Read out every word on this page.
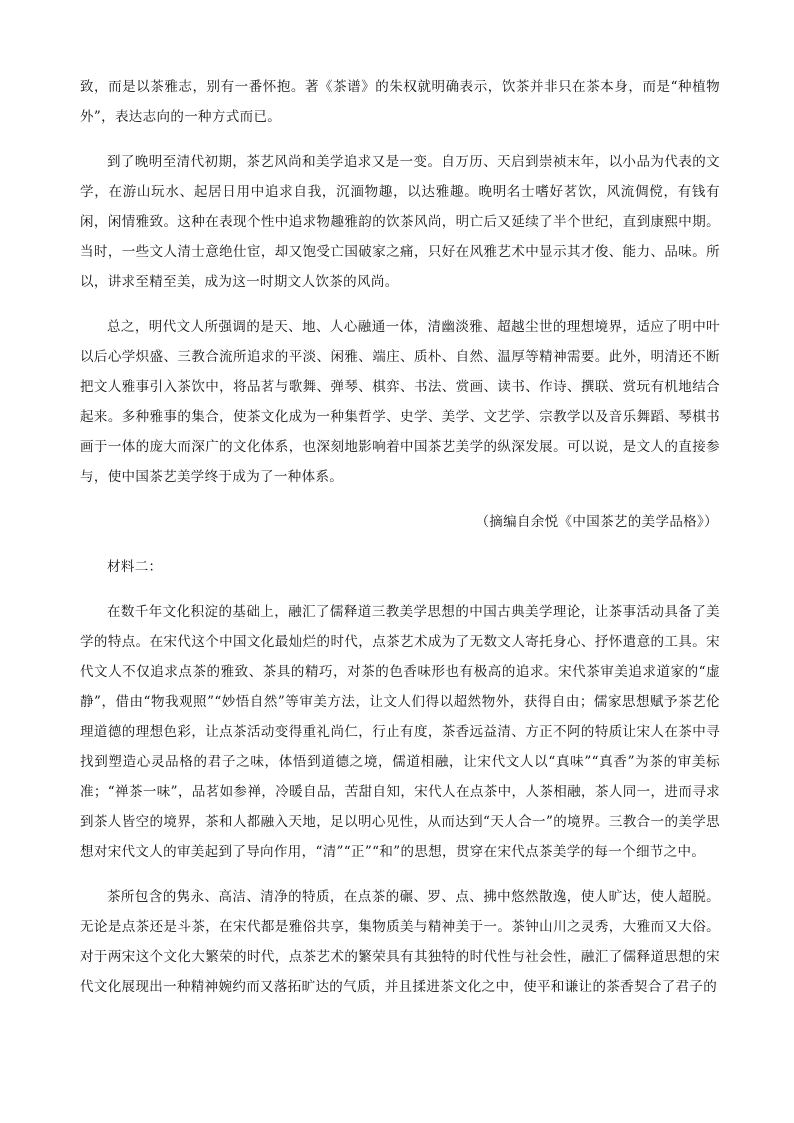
致，而是以茶雅志，别有一番怀抱。著《茶谱》的朱权就明确表示，饮茶并非只在茶本身，而是“种植物外”，表达志向的一种方式而已。

到了晚明至清代初期，茶艺风尚和美学追求又是一变。自万历、天启到崇祯末年，以小品为代表的文学，在游山玩水、起居日用中追求自我，沉湎物趣，以达雅趣。晚明名士嗜好茗饮，风流倜傥，有钱有闲，闲情雅致。这种在表现个性中追求物趣雅韵的饮茶风尚，明亡后又延续了半个世纪，直到康熙中期。当时，一些文人清士意绝仕宦，却又饱受亡国破家之痛，只好在风雅艺术中显示其才俊、能力、品味。所以，讲求至精至美，成为这一时期文人饮茶的风尚。

总之，明代文人所强调的是天、地、人心融通一体，清幽淡雅、超越尘世的理想境界，适应了明中叶以后心学炽盛、三教合流所追求的平淡、闲雅、端庄、质朴、自然、温厚等精神需要。此外，明清还不断把文人雅事引入茶饮中，将品茗与歌舞、弹琴、棋弈、书法、赏画、读书、作诗、撰联、赏玩有机地结合起来。多种雅事的集合，使茶文化成为一种集哲学、史学、美学、文艺学、宗教学以及音乐舞蹈、琴棋书画于一体的庞大而深广的文化体系，也深刻地影响着中国茶艺美学的纵深发展。可以说，是文人的直接参与，使中国茶艺美学终于成为了一种体系。

（摘编自余悦《中国茶艺的美学品格》）

材料二：

在数千年文化积淀的基础上，融汇了儒释道三教美学思想的中国古典美学理论，让茶事活动具备了美学的特点。在宋代这个中国文化最灿烂的时代，点茶艺术成为了无数文人寄托身心、抒怀遣意的工具。宋代文人不仅追求点茶的雅致、茶具的精巧，对茶的色香味形也有极高的追求。宋代茶审美追求道家的“虚静”，借由“物我观照”“妙悟自然”等审美方法，让文人们得以超然物外，获得自由；儒家思想赋予茶艺伦理道德的理想色彩，让点茶活动变得重礼尚仁，行止有度，茶香远益清、方正不阿的特质让宋人在茶中寻找到塑造心灵品格的君子之味，体悟到道德之境，儒道相融，让宋代文人以“真味”“真香”为茶的审美标准；“禅茶一味”，品茗如参禅，冷暖自品，苦甜自知，宋代人在点茶中，人茶相融，茶人同一，进而寻求到茶人皆空的境界，茶和人都融入天地，足以明心见性，从而达到“天人合一”的境界。三教合一的美学思想对宋代文人的审美起到了导向作用，“清”“正”“和”的思想，贯穿在宋代点茶美学的每一个细节之中。

茶所包含的隽永、高洁、清净的特质，在点茶的碾、罗、点、拂中悠然散逸，使人旷达，使人超脱。无论是点茶还是斗茶，在宋代都是雅俗共享，集物质美与精神美于一。茶钟山川之灵秀，大雅而又大俗。对于两宋这个文化大繁荣的时代，点茶艺术的繁荣具有其独特的时代性与社会性，融汇了儒释道思想的宋代文化展现出一种精神婉约而又落拓旷达的气质，并且揉进茶文化之中，使平和谦让的茶香契合了君子的
